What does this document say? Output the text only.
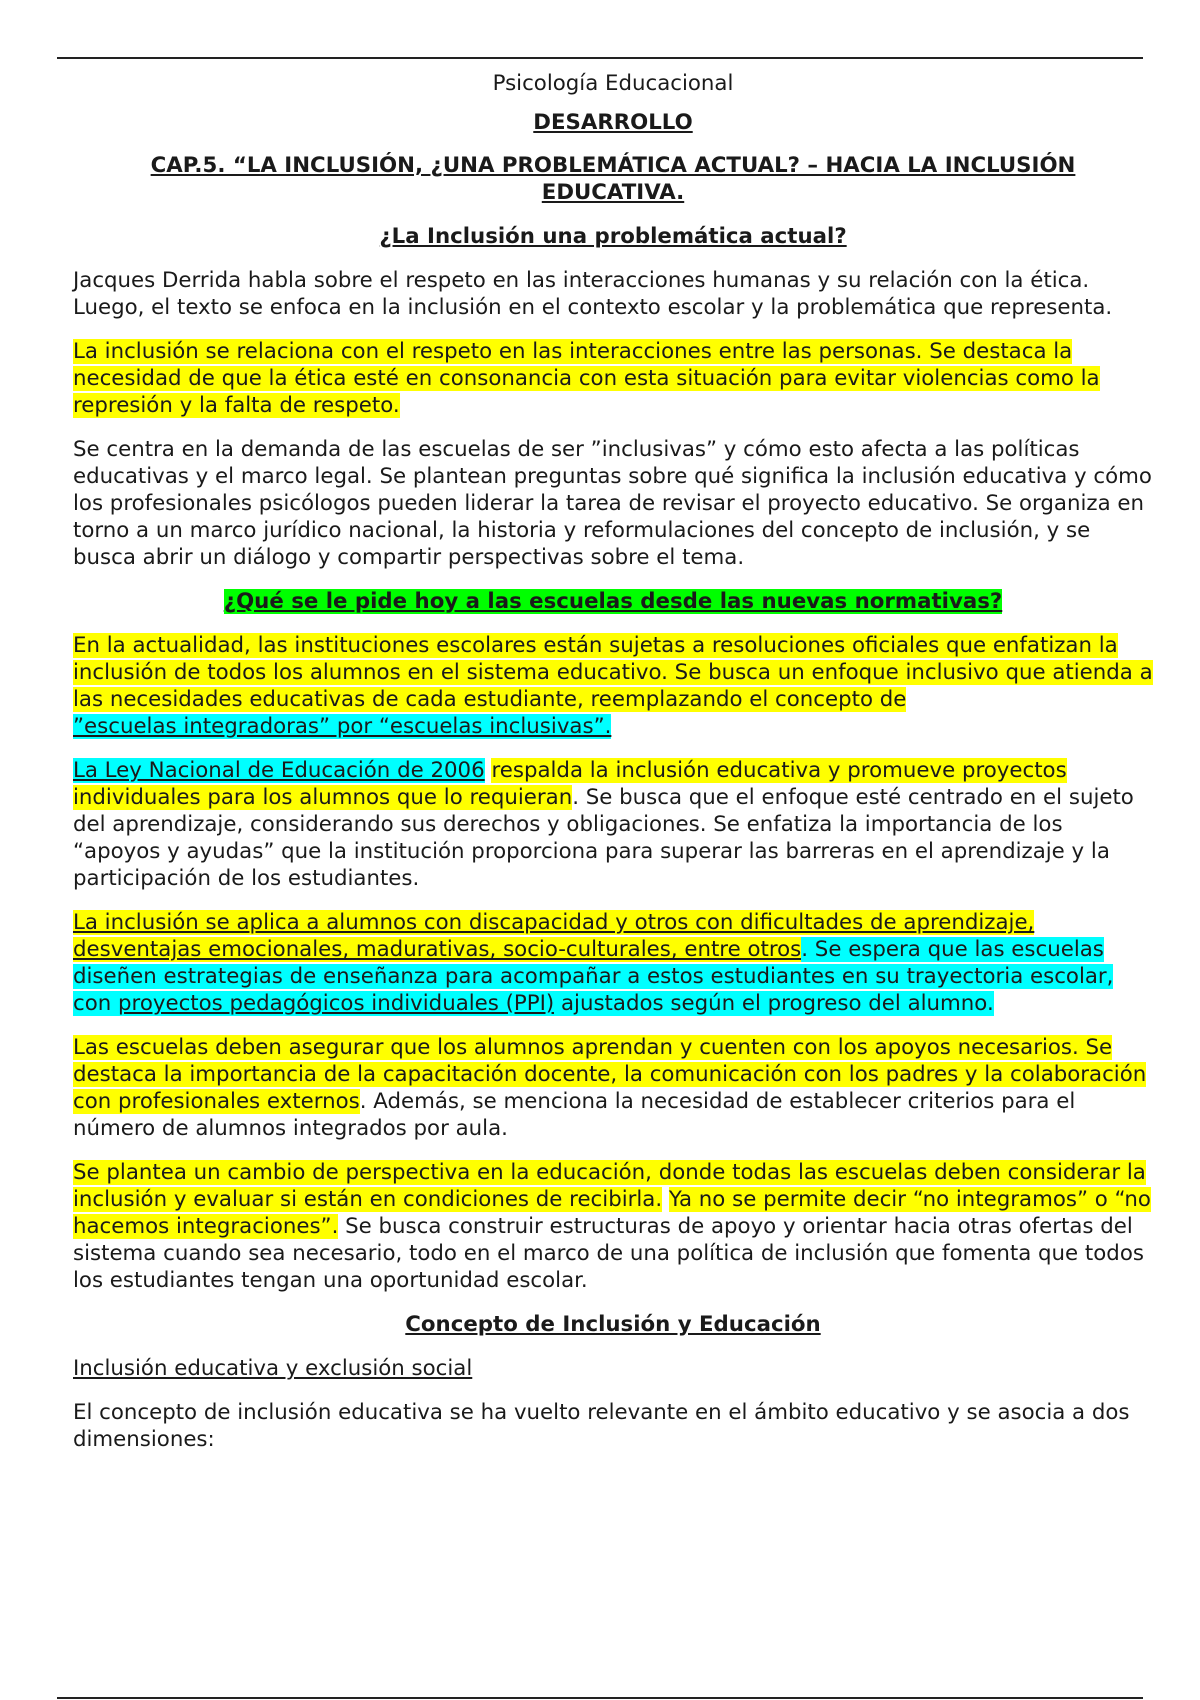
Psicología Educacional
DESARROLLO
CAP.5. “LA INCLUSIÓN, ¿UNA PROBLEMÁTICA ACTUAL? – HACIA LA INCLUSIÓN EDUCATIVA.
¿La Inclusión una problemática actual?

Jacques Derrida habla sobre el respeto en las interacciones humanas y su relación con la ética. Luego, el texto se enfoca en la inclusión en el contexto escolar y la problemática que representa.

La inclusión se relaciona con el respeto en las interacciones entre las personas. Se destaca la necesidad de que la ética esté en consonancia con esta situación para evitar violencias como la represión y la falta de respeto.

Se centra en la demanda de las escuelas de ser ”inclusivas” y cómo esto afecta a las políticas educativas y el marco legal. Se plantean preguntas sobre qué significa la inclusión educativa y cómo los profesionales psicólogos pueden liderar la tarea de revisar el proyecto educativo. Se organiza en torno a un marco jurídico nacional, la historia y reformulaciones del concepto de inclusión, y se busca abrir un diálogo y compartir perspectivas sobre el tema.

¿Qué se le pide hoy a las escuelas desde las nuevas normativas?

En la actualidad, las instituciones escolares están sujetas a resoluciones oficiales que enfatizan la inclusión de todos los alumnos en el sistema educativo. Se busca un enfoque inclusivo que atienda a las necesidades educativas de cada estudiante, reemplazando el concepto de
”escuelas integradoras” por “escuelas inclusivas”.

La Ley Nacional de Educación de 2006 respalda la inclusión educativa y promueve proyectos individuales para los alumnos que lo requieran. Se busca que el enfoque esté centrado en el sujeto del aprendizaje, considerando sus derechos y obligaciones. Se enfatiza la importancia de los “apoyos y ayudas” que la institución proporciona para superar las barreras en el aprendizaje y la participación de los estudiantes.

La inclusión se aplica a alumnos con discapacidad y otros con dificultades de aprendizaje, desventajas emocionales, madurativas, socio-culturales, entre otros. Se espera que las escuelas diseñen estrategias de enseñanza para acompañar a estos estudiantes en su trayectoria escolar, con proyectos pedagógicos individuales (PPI) ajustados según el progreso del alumno.

Las escuelas deben asegurar que los alumnos aprendan y cuenten con los apoyos necesarios. Se destaca la importancia de la capacitación docente, la comunicación con los padres y la colaboración con profesionales externos. Además, se menciona la necesidad de establecer criterios para el número de alumnos integrados por aula.

Se plantea un cambio de perspectiva en la educación, donde todas las escuelas deben considerar la inclusión y evaluar si están en condiciones de recibirla. Ya no se permite decir “no integramos” o “no hacemos integraciones”. Se busca construir estructuras de apoyo y orientar hacia otras ofertas del sistema cuando sea necesario, todo en el marco de una política de inclusión que fomenta que todos los estudiantes tengan una oportunidad escolar.

Concepto de Inclusión y Educación
Inclusión educativa y exclusión social

El concepto de inclusión educativa se ha vuelto relevante en el ámbito educativo y se asocia a dos dimensiones:
